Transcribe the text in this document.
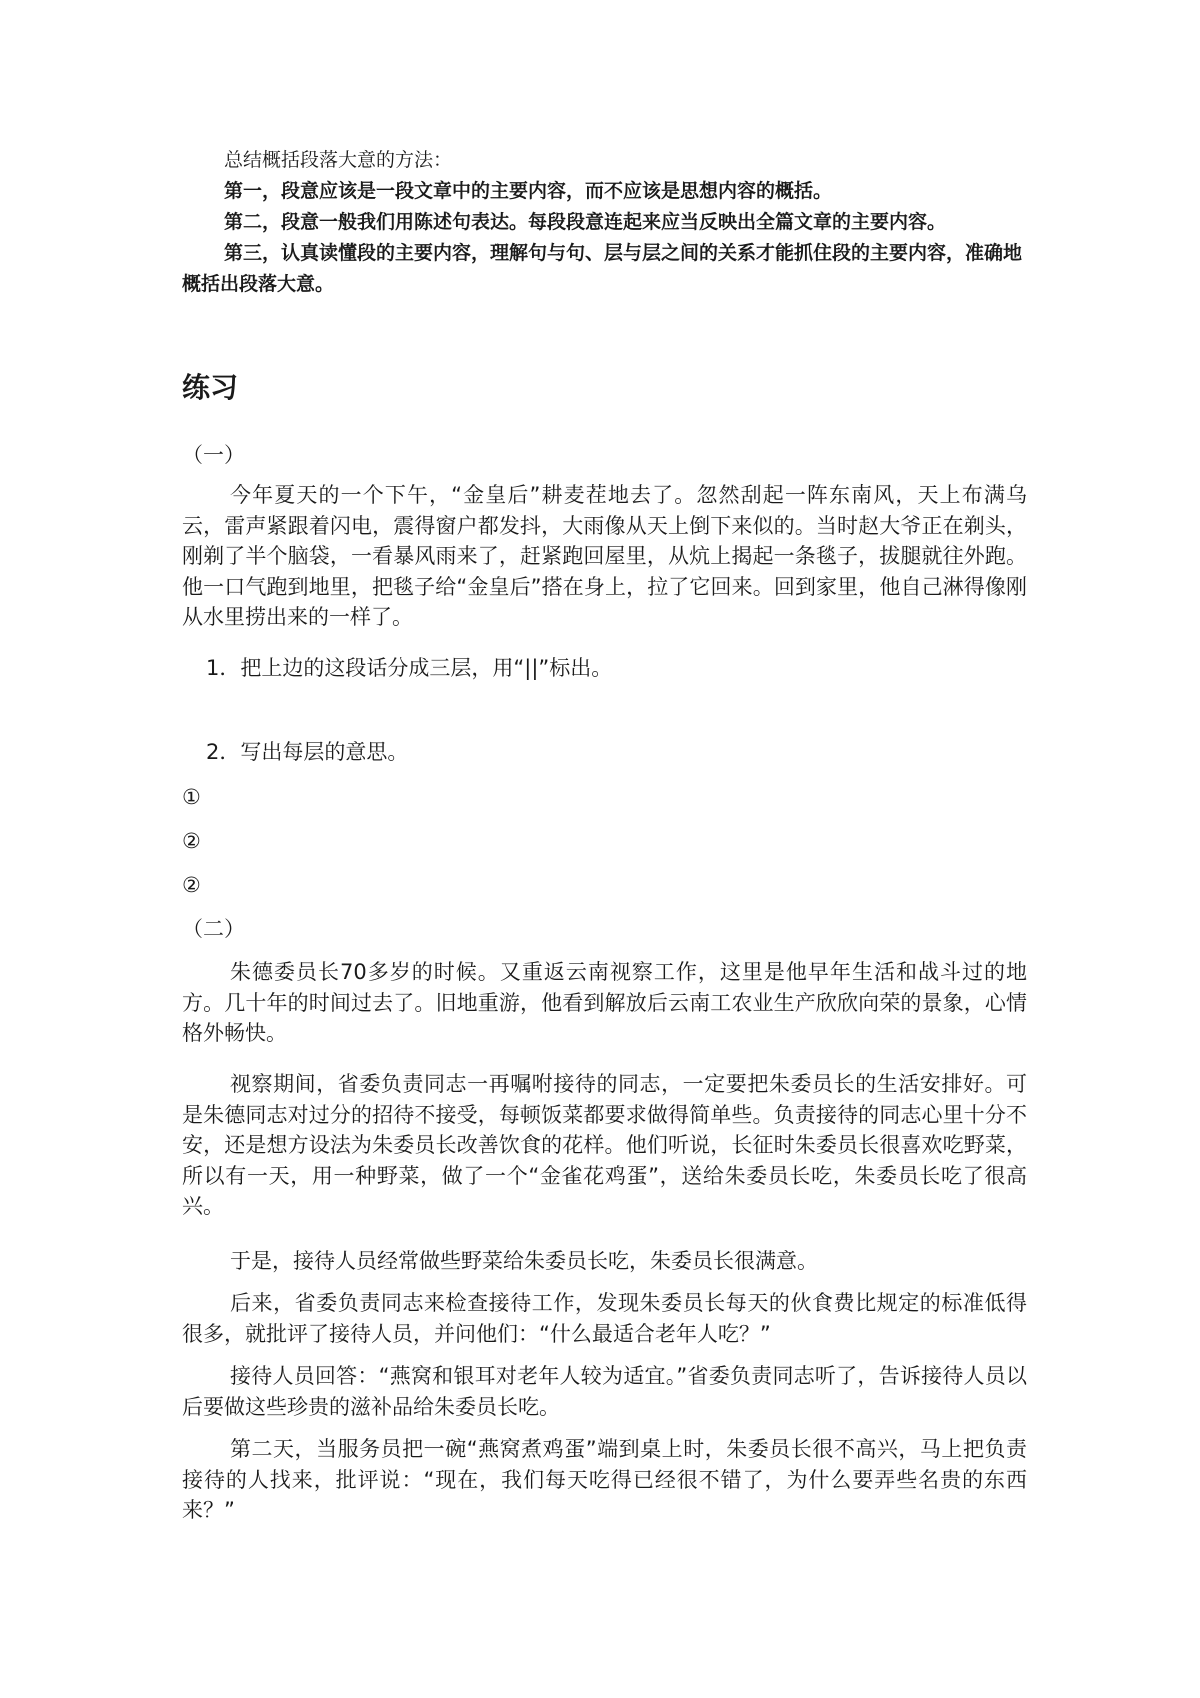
总结概括段落大意的方法：

第一，段意应该是一段文章中的主要内容，而不应该是思想内容的概括。

第二，段意一般我们用陈述句表达。每段段意连起来应当反映出全篇文章的主要内容。

第三，认真读懂段的主要内容，理解句与句、层与层之间的关系才能抓住段的主要内容，准确地概括出段落大意。

练习

（一）

今年夏天的一个下午，“金皇后”耕麦茬地去了。忽然刮起一阵东南风，天上布满乌云，雷声紧跟着闪电，震得窗户都发抖，大雨像从天上倒下来似的。当时赵大爷正在剃头，刚剃了半个脑袋，一看暴风雨来了，赶紧跑回屋里，从炕上揭起一条毯子，拔腿就往外跑。他一口气跑到地里，把毯子给“金皇后”搭在身上，拉了它回来。回到家里，他自己淋得像刚从水里捞出来的一样了。

1．把上边的这段话分成三层，用“||”标出。

2．写出每层的意思。

①

②

②

（二）

朱德委员长70多岁的时候。又重返云南视察工作，这里是他早年生活和战斗过的地方。几十年的时间过去了。旧地重游，他看到解放后云南工农业生产欣欣向荣的景象，心情格外畅快。

视察期间，省委负责同志一再嘱咐接待的同志，一定要把朱委员长的生活安排好。可是朱德同志对过分的招待不接受，每顿饭菜都要求做得简单些。负责接待的同志心里十分不安，还是想方设法为朱委员长改善饮食的花样。他们听说，长征时朱委员长很喜欢吃野菜，所以有一天，用一种野菜，做了一个“金雀花鸡蛋”，送给朱委员长吃，朱委员长吃了很高兴。

于是，接待人员经常做些野菜给朱委员长吃，朱委员长很满意。

后来，省委负责同志来检查接待工作，发现朱委员长每天的伙食费比规定的标准低得很多，就批评了接待人员，并问他们：“什么最适合老年人吃？”

接待人员回答：“燕窝和银耳对老年人较为适宜。”省委负责同志听了，告诉接待人员以后要做这些珍贵的滋补品给朱委员长吃。

第二天，当服务员把一碗“燕窝煮鸡蛋”端到桌上时，朱委员长很不高兴，马上把负责接待的人找来，批评说：“现在，我们每天吃得已经很不错了，为什么要弄些名贵的东西来？”
